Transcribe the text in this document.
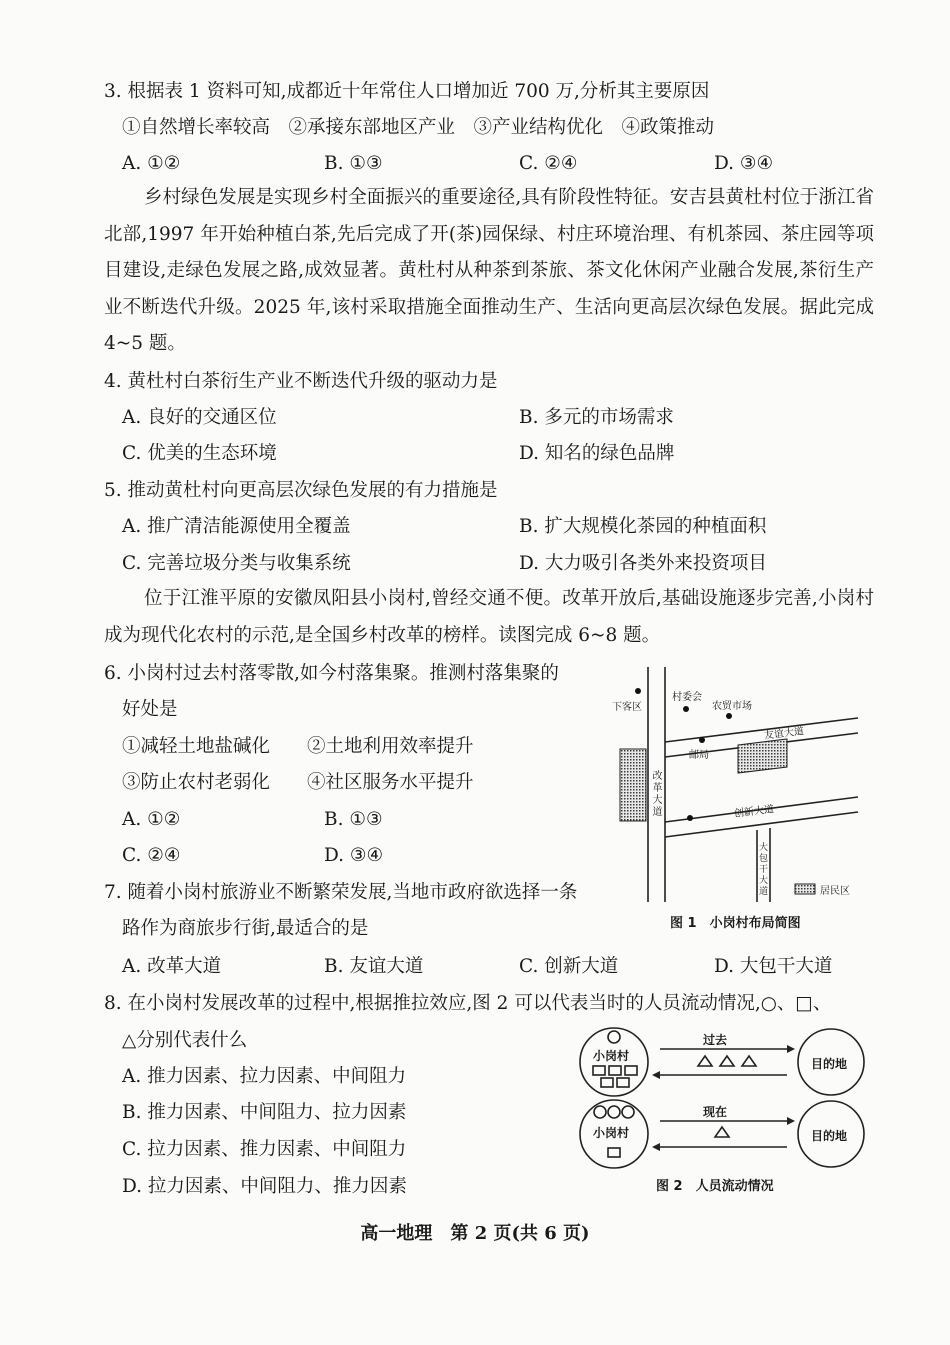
3. 根据表 1 资料可知,成都近十年常住人口增加近 700 万,分析其主要原因
①自然增长率较高　②承接东部地区产业　③产业结构优化　④政策推动
A. ①②	B. ①③	C. ②④	D. ③④
乡村绿色发展是实现乡村全面振兴的重要途径,具有阶段性特征。安吉县黄杜村位于浙江省北部,1997 年开始种植白茶,先后完成了开(茶)园保绿、村庄环境治理、有机茶园、茶庄园等项目建设,走绿色发展之路,成效显著。黄杜村从种茶到茶旅、茶文化休闲产业融合发展,茶衍生产业不断迭代升级。2025 年,该村采取措施全面推动生产、生活向更高层次绿色发展。据此完成 4~5 题。
4. 黄杜村白茶衍生产业不断迭代升级的驱动力是
A. 良好的交通区位	B. 多元的市场需求
C. 优美的生态环境	D. 知名的绿色品牌
5. 推动黄杜村向更高层次绿色发展的有力措施是
A. 推广清洁能源使用全覆盖	B. 扩大规模化茶园的种植面积
C. 完善垃圾分类与收集系统	D. 大力吸引各类外来投资项目
位于江淮平原的安徽凤阳县小岗村,曾经交通不便。改革开放后,基础设施逐步完善,小岗村成为现代化农村的示范,是全国乡村改革的榜样。读图完成 6~8 题。
6. 小岗村过去村落零散,如今村落集聚。推测村落集聚的
好处是
①减轻土地盐碱化　　②土地利用效率提升
③防止农村老弱化　　④社区服务水平提升
A. ①②	B. ①③
C. ②④	D. ③④
7. 随着小岗村旅游业不断繁荣发展,当地市政府欲选择一条
路作为商旅步行街,最适合的是
A. 改革大道	B. 友谊大道	C. 创新大道	D. 大包干大道
8. 在小岗村发展改革的过程中,根据推拉效应,图 2 可以代表当时的人员流动情况,○、□、
△分别代表什么
A. 推力因素、拉力因素、中间阻力
B. 推力因素、中间阻力、拉力因素
C. 拉力因素、推力因素、中间阻力
D. 拉力因素、中间阻力、推力因素
下客区
村委会
农贸市场
友谊大道
邮局
改革大道	创新大道
大包干大道	居民区
图 1　小岗村布局简图
小岗村
目的地
过去
小岗村	目的地
现在
图 2　人员流动情况
高一地理　第 2 页(共 6 页)
